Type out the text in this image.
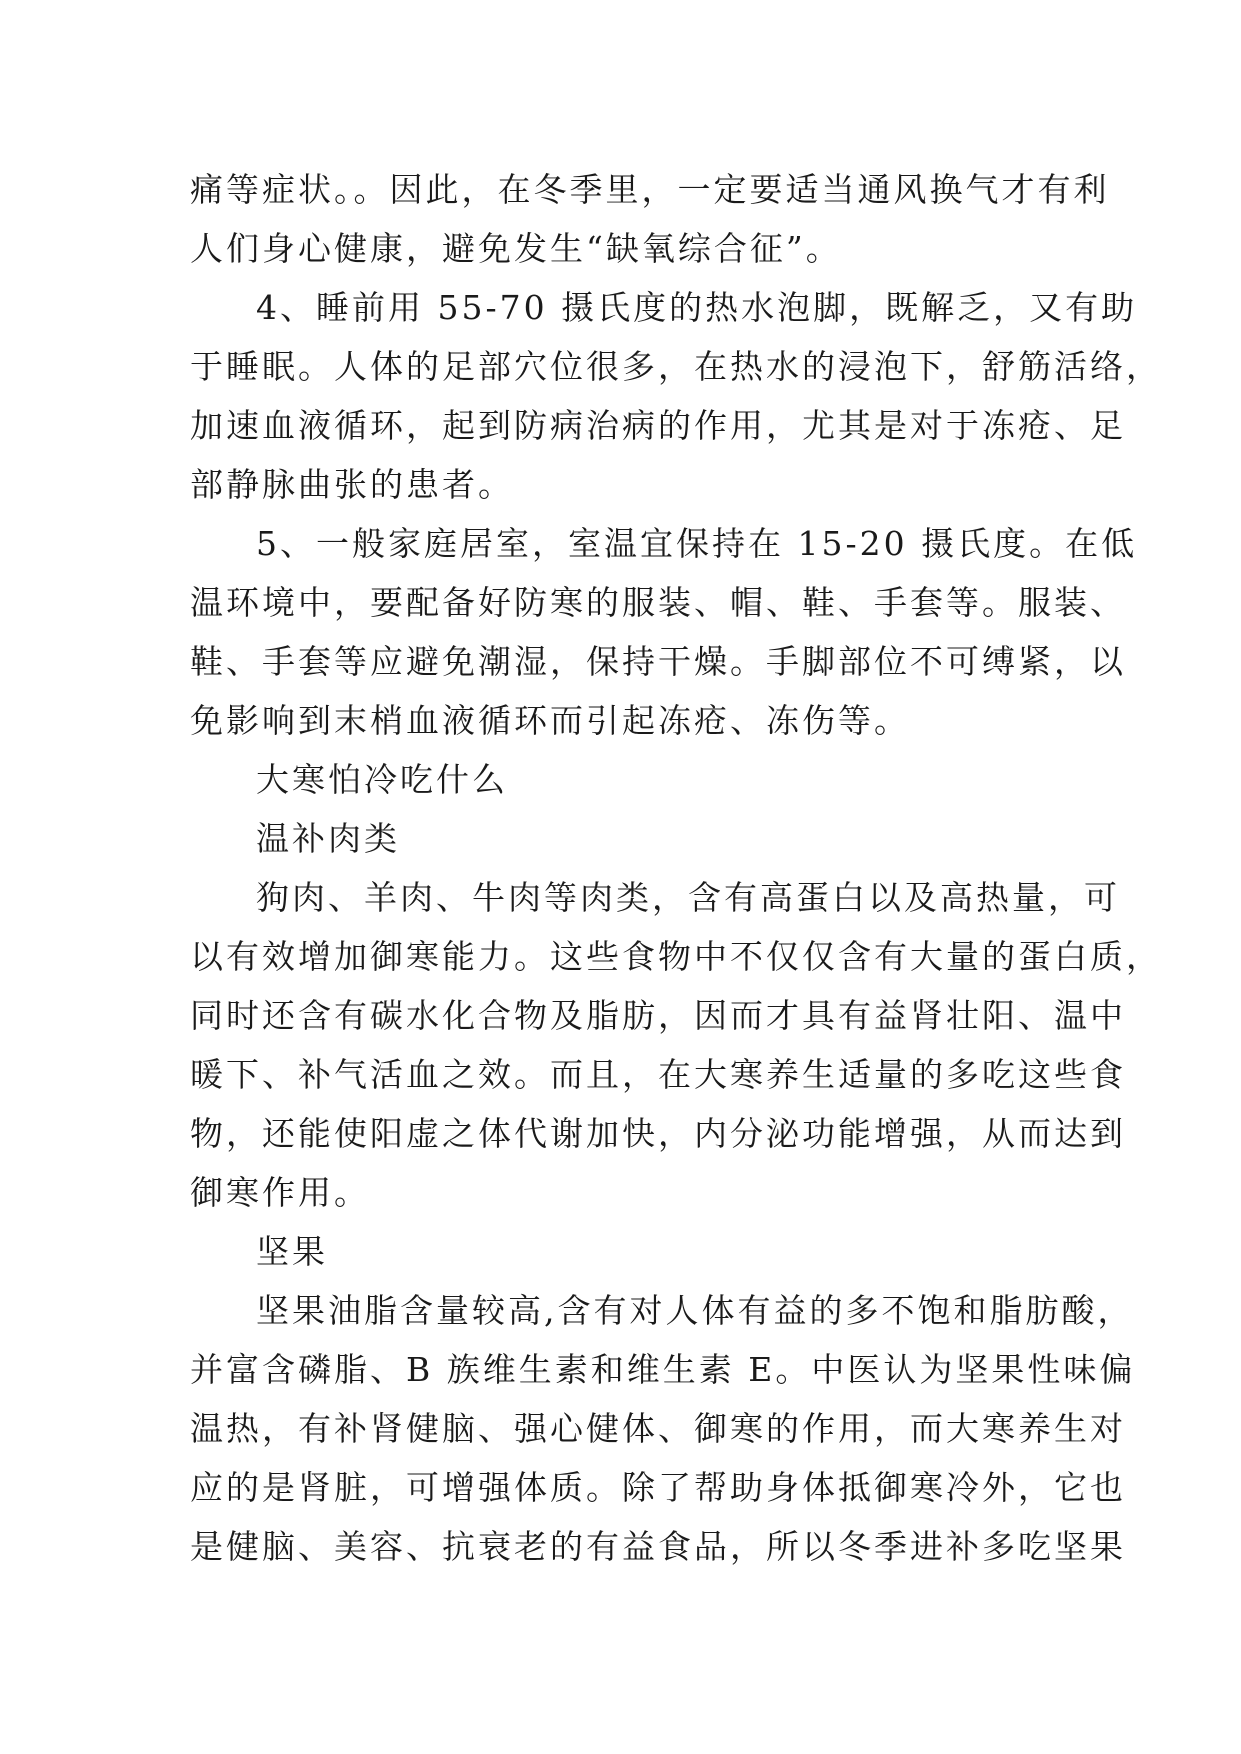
痛等症状。。因此，在冬季里，一定要适当通风换气才有利
人们身心健康，避免发生“缺氧综合征”。
4、睡前用 55-70 摄氏度的热水泡脚，既解乏，又有助
于睡眠。人体的足部穴位很多，在热水的浸泡下，舒筋活络，
加速血液循环，起到防病治病的作用，尤其是对于冻疮、足
部静脉曲张的患者。
5、一般家庭居室，室温宜保持在 15-20 摄氏度。在低
温环境中，要配备好防寒的服装、帽、鞋、手套等。服装、
鞋、手套等应避免潮湿，保持干燥。手脚部位不可缚紧，以
免影响到末梢血液循环而引起冻疮、冻伤等。
大寒怕冷吃什么
温补肉类
狗肉、羊肉、牛肉等肉类，含有高蛋白以及高热量，可
以有效增加御寒能力。这些食物中不仅仅含有大量的蛋白质，
同时还含有碳水化合物及脂肪，因而才具有益肾壮阳、温中
暖下、补气活血之效。而且，在大寒养生适量的多吃这些食
物，还能使阳虚之体代谢加快，内分泌功能增强，从而达到
御寒作用。
坚果
坚果油脂含量较高,含有对人体有益的多不饱和脂肪酸，
并富含磷脂、B 族维生素和维生素 E。中医认为坚果性味偏
温热，有补肾健脑、强心健体、御寒的作用，而大寒养生对
应的是肾脏，可增强体质。除了帮助身体抵御寒冷外，它也
是健脑、美容、抗衰老的有益食品，所以冬季进补多吃坚果
